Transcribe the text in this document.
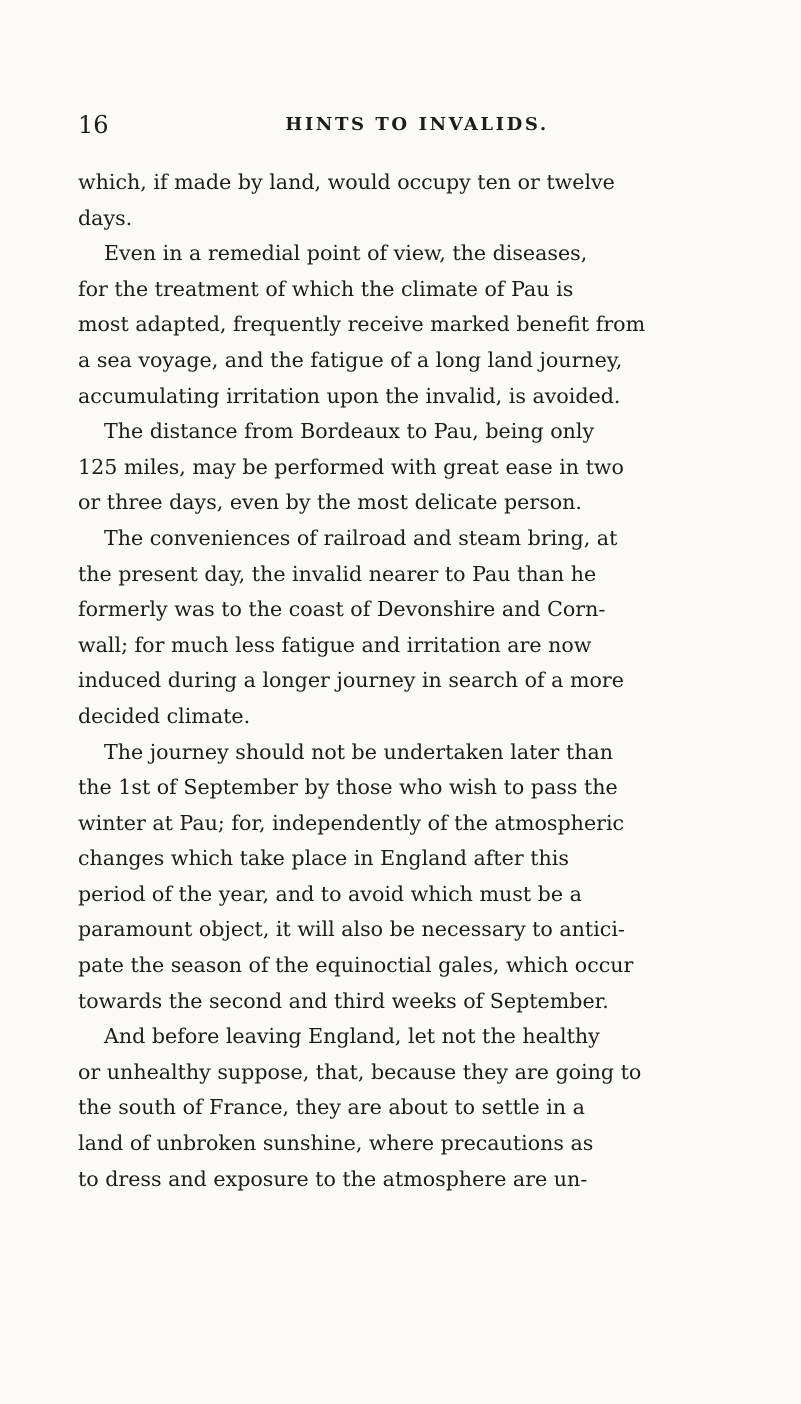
16	HINTS TO INVALIDS.
which, if made by land, would occupy ten or twelve
days.
Even in a remedial point of view, the diseases,
for the treatment of which the climate of Pau is
most adapted, frequently receive marked benefit from
a sea voyage, and the fatigue of a long land journey,
accumulating irritation upon the invalid, is avoided.
The distance from Bordeaux to Pau, being only
125 miles, may be performed with great ease in two
or three days, even by the most delicate person.
The conveniences of railroad and steam bring, at
the present day, the invalid nearer to Pau than he
formerly was to the coast of Devonshire and Corn-
wall; for much less fatigue and irritation are now
induced during a longer journey in search of a more
decided climate.
The journey should not be undertaken later than
the 1st of September by those who wish to pass the
winter at Pau; for, independently of the atmospheric
changes which take place in England after this
period of the year, and to avoid which must be a
paramount object, it will also be necessary to antici-
pate the season of the equinoctial gales, which occur
towards the second and third weeks of September.
And before leaving England, let not the healthy
or unhealthy suppose, that, because they are going to
the south of France, they are about to settle in a
land of unbroken sunshine, where precautions as
to dress and exposure to the atmosphere are un-
